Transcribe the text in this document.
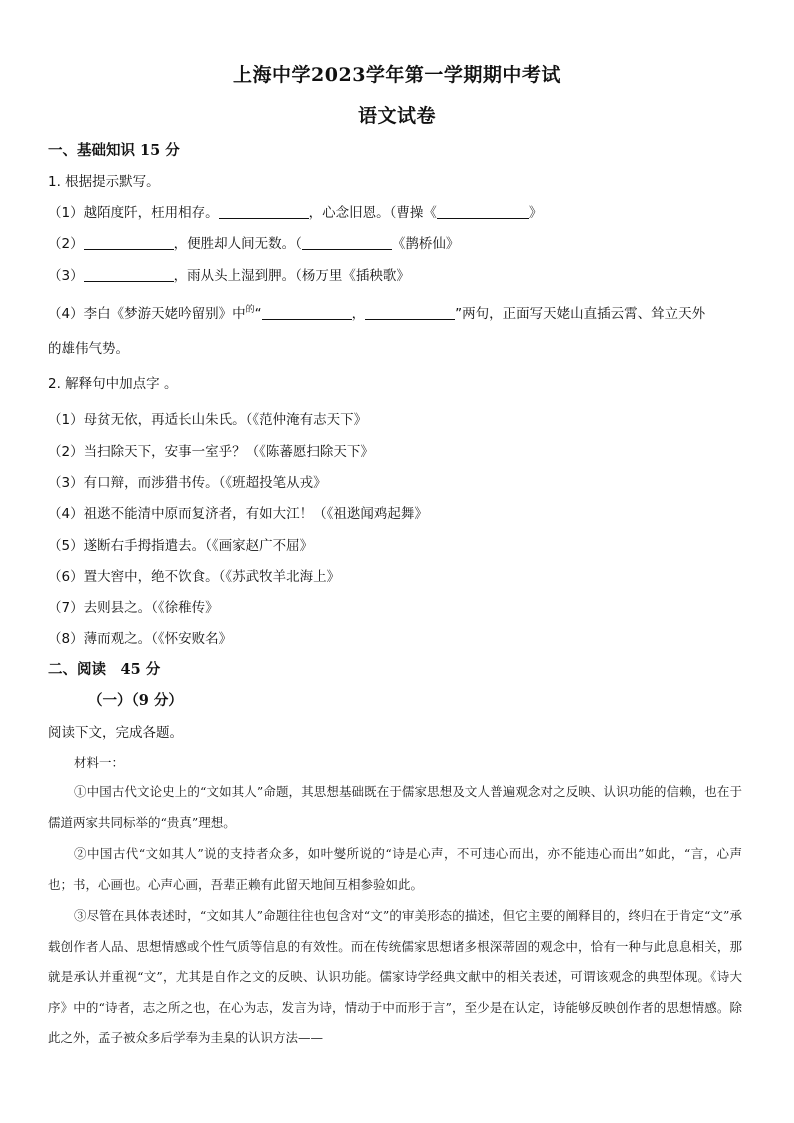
上海中学2023学年第一学期期中考试
语文试卷
一、基础知识 15 分
1. 根据提示默写。
（1）越陌度阡，枉用相存。	，心念旧恩。（曹操《	》
（2）	，便胜却人间无数。（	《鹊桥仙》
（3）	，雨从头上湿到胛。（杨万里《插秧歌》
（4）李白《梦游天姥吟留别》中$^的$“	，	”两句，正面写天姥山直插云霄、耸立天外
的雄伟气势。
2. 解释句中加点字 。
（1）母贫无依，再适长山朱氏。（《范仲淹有志天下》
（2）当扫除天下，安事一室乎？（《陈蕃愿扫除天下》
（3）有口辩，而涉猎书传。（《班超投笔从戎》
（4）祖逖不能清中原而复济者，有如大江！（《祖逖闻鸡起舞》
（5）遂断右手拇指遣去。（《画家赵广不屈》
（6）置大窖中，绝不饮食。（《苏武牧羊北海上》
（7）去则县之。（《徐稚传》
（8）薄而观之。（《怀安败名》
二、阅读　45 分
（一）（9 分）
阅读下文，完成各题。
材料一：
①中国古代文论史上的“文如其人”命题，其思想基础既在于儒家思想及文人普遍观念对之反映、认识功能的信赖，也在于儒道两家共同标举的“贵真”理想。
②中国古代“文如其人”说的支持者众多，如叶燮所说的“诗是心声，不可违心而出，亦不能违心而出”如此，“言，心声也；书，心画也。心声心画，吾辈正赖有此留天地间互相参验如此。
③尽管在具体表述时，“文如其人”命题往往也包含对“文”的审美形态的描述，但它主要的阐释目的，终归在于肯定“文”承载创作者人品、思想情感或个性气质等信息的有效性。而在传统儒家思想诸多根深蒂固的观念中，恰有一种与此息息相关，那就是承认并重视“文”，尤其是自作之文的反映、认识功能。儒家诗学经典文献中的相关表述，可谓该观念的典型体现。《诗大序》中的“诗者，志之所之也，在心为志，发言为诗，情动于中而形于言”，至少是在认定，诗能够反映创作者的思想情感。除此之外，孟子被众多后学奉为圭臬的认识方法——
